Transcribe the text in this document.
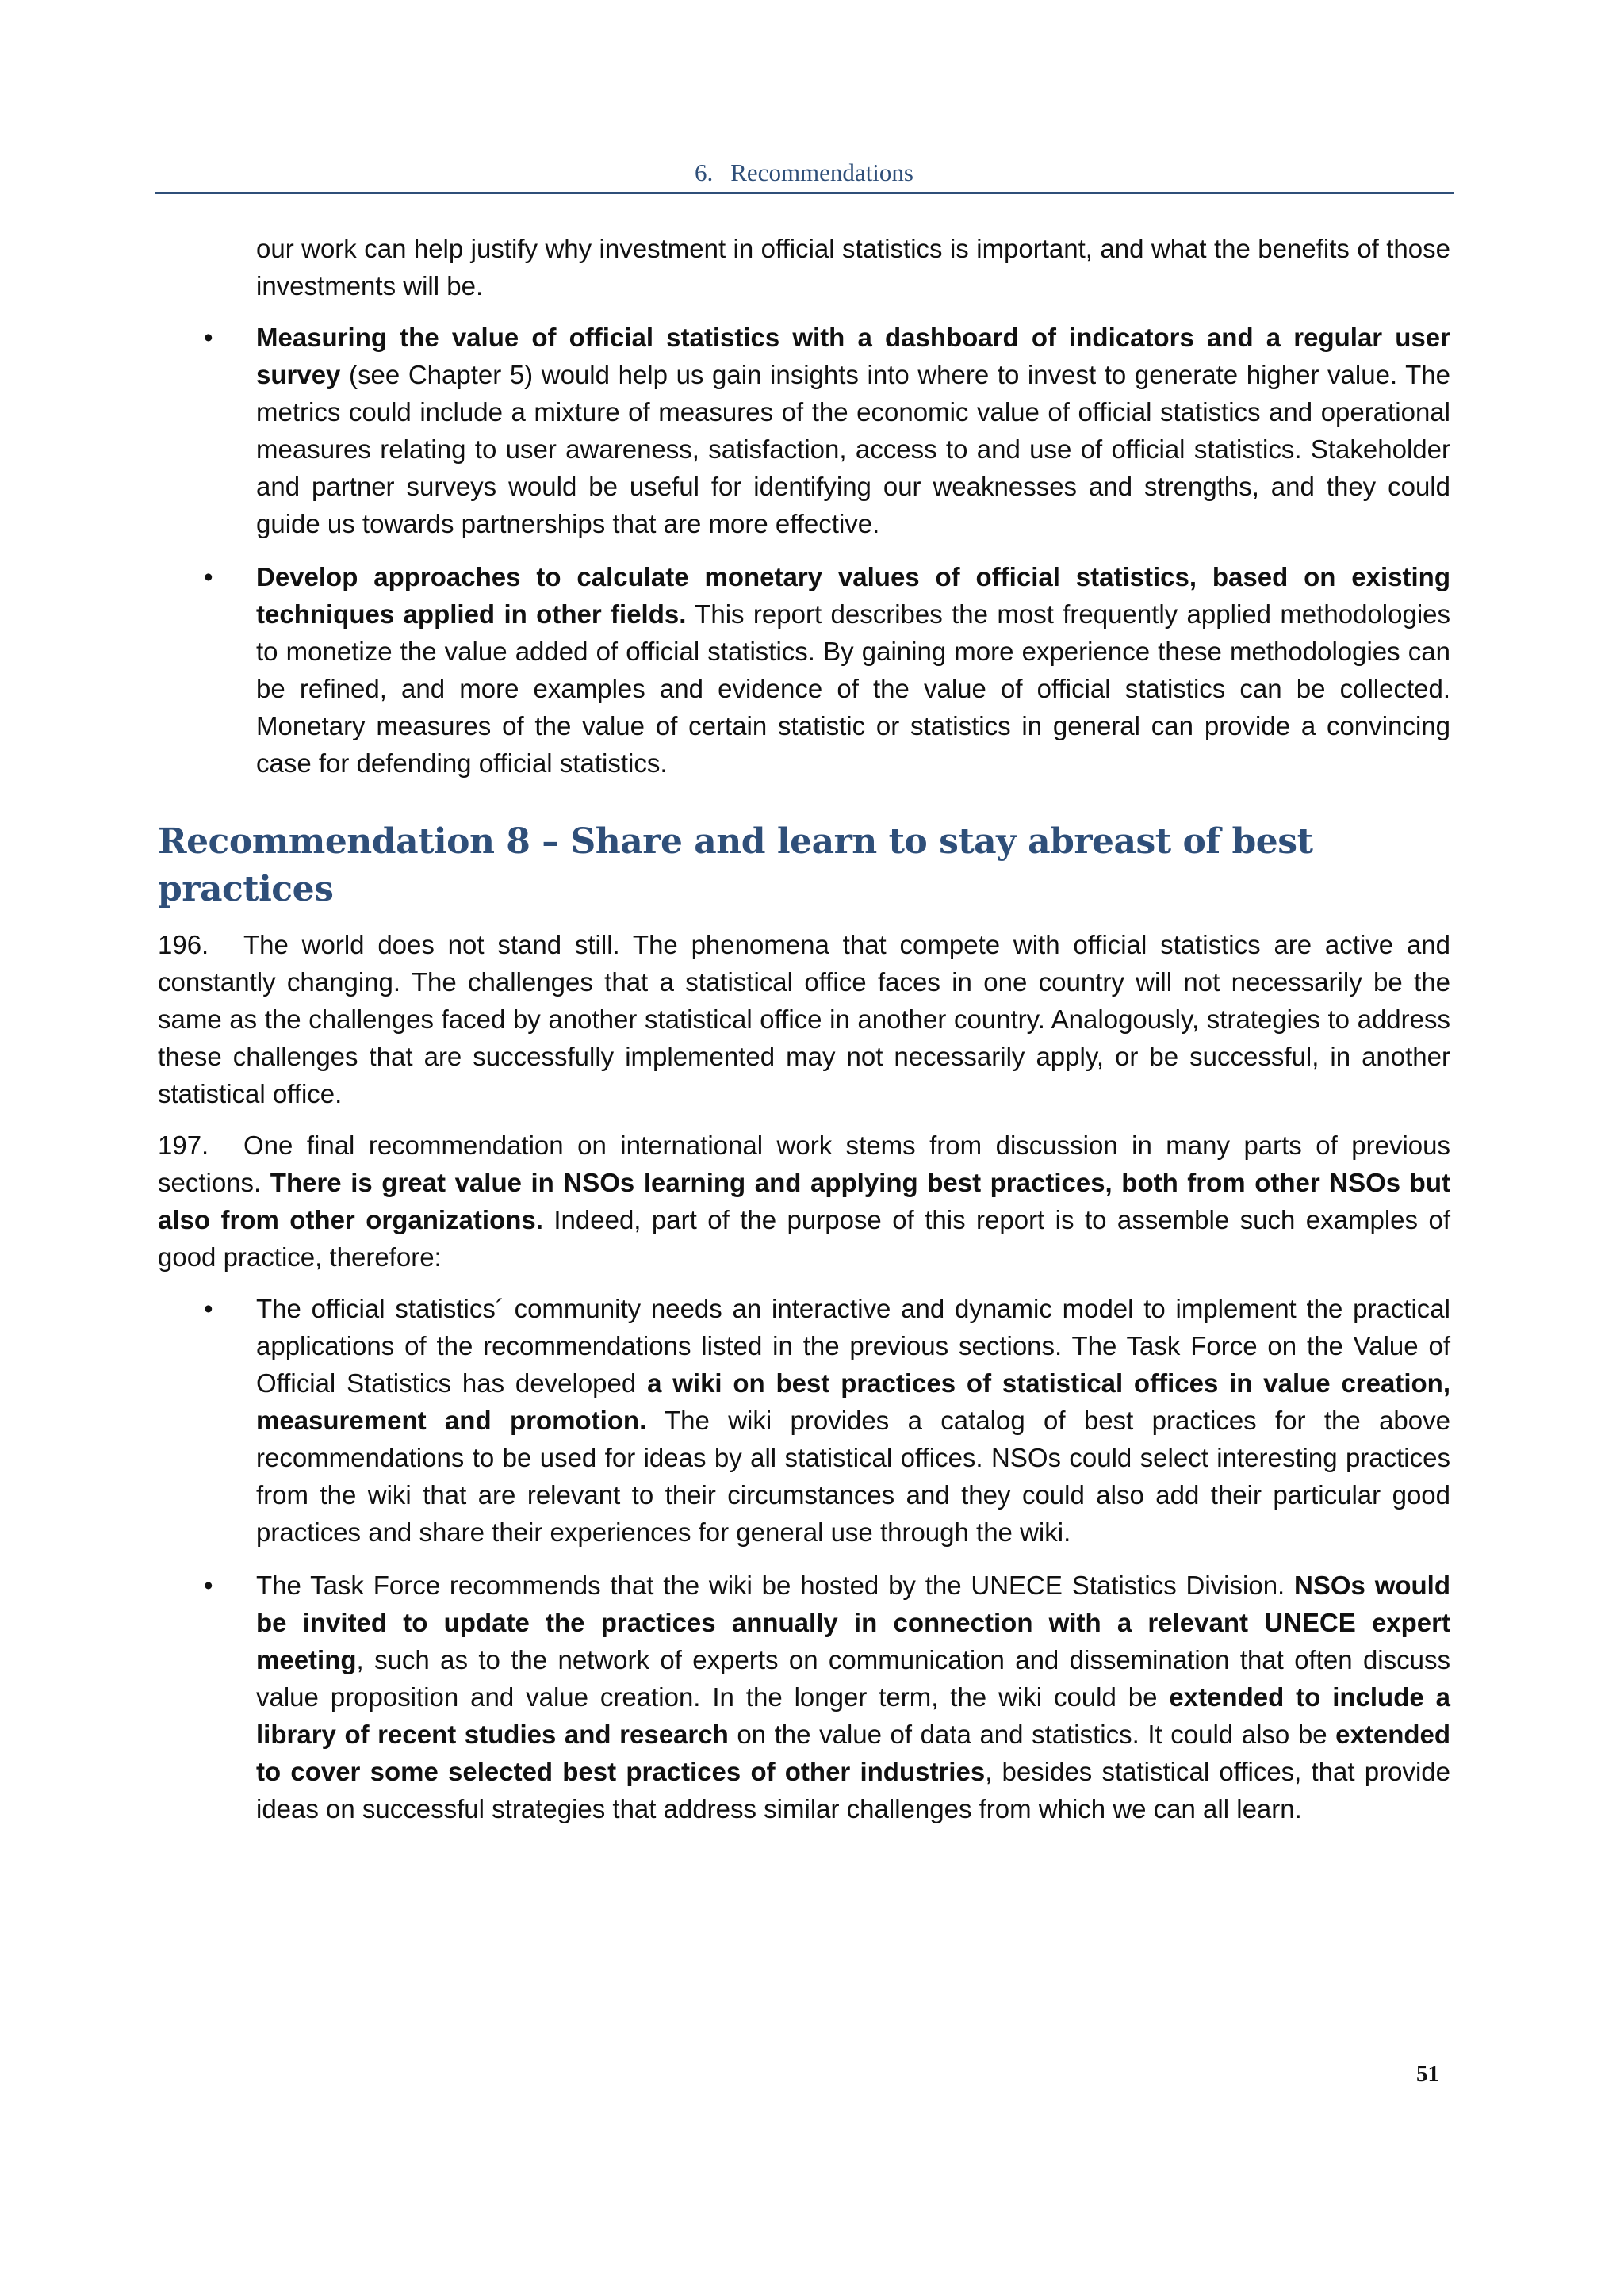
6. Recommendations

our work can help justify why investment in official statistics is important, and what the benefits of those investments will be.

• Measuring the value of official statistics with a dashboard of indicators and a regular user survey (see Chapter 5) would help us gain insights into where to invest to generate higher value. The metrics could include a mixture of measures of the economic value of official statistics and operational measures relating to user awareness, satisfaction, access to and use of official statistics. Stakeholder and partner surveys would be useful for identifying our weaknesses and strengths, and they could guide us towards partnerships that are more effective.
• Develop approaches to calculate monetary values of official statistics, based on existing techniques applied in other fields. This report describes the most frequently applied methodologies to monetize the value added of official statistics. By gaining more experience these methodologies can be refined, and more examples and evidence of the value of official statistics can be collected. Monetary measures of the value of certain statistic or statistics in general can provide a convincing case for defending official statistics.
Recommendation 8 – Share and learn to stay abreast of best practices

196. The world does not stand still. The phenomena that compete with official statistics are active and constantly changing. The challenges that a statistical office faces in one country will not necessarily be the same as the challenges faced by another statistical office in another country. Analogously, strategies to address these challenges that are successfully implemented may not necessarily apply, or be successful, in another statistical office.

197. One final recommendation on international work stems from discussion in many parts of previous sections. There is great value in NSOs learning and applying best practices, both from other NSOs but also from other organizations. Indeed, part of the purpose of this report is to assemble such examples of good practice, therefore:

• The official statistics´ community needs an interactive and dynamic model to implement the practical applications of the recommendations listed in the previous sections. The Task Force on the Value of Official Statistics has developed a wiki on best practices of statistical offices in value creation, measurement and promotion. The wiki provides a catalog of best practices for the above recommendations to be used for ideas by all statistical offices. NSOs could select interesting practices from the wiki that are relevant to their circumstances and they could also add their particular good practices and share their experiences for general use through the wiki.
• The Task Force recommends that the wiki be hosted by the UNECE Statistics Division. NSOs would be invited to update the practices annually in connection with a relevant UNECE expert meeting, such as to the network of experts on communication and dissemination that often discuss value proposition and value creation. In the longer term, the wiki could be extended to include a library of recent studies and research on the value of data and statistics. It could also be extended to cover some selected best practices of other industries, besides statistical offices, that provide ideas on successful strategies that address similar challenges from which we can all learn.
51
